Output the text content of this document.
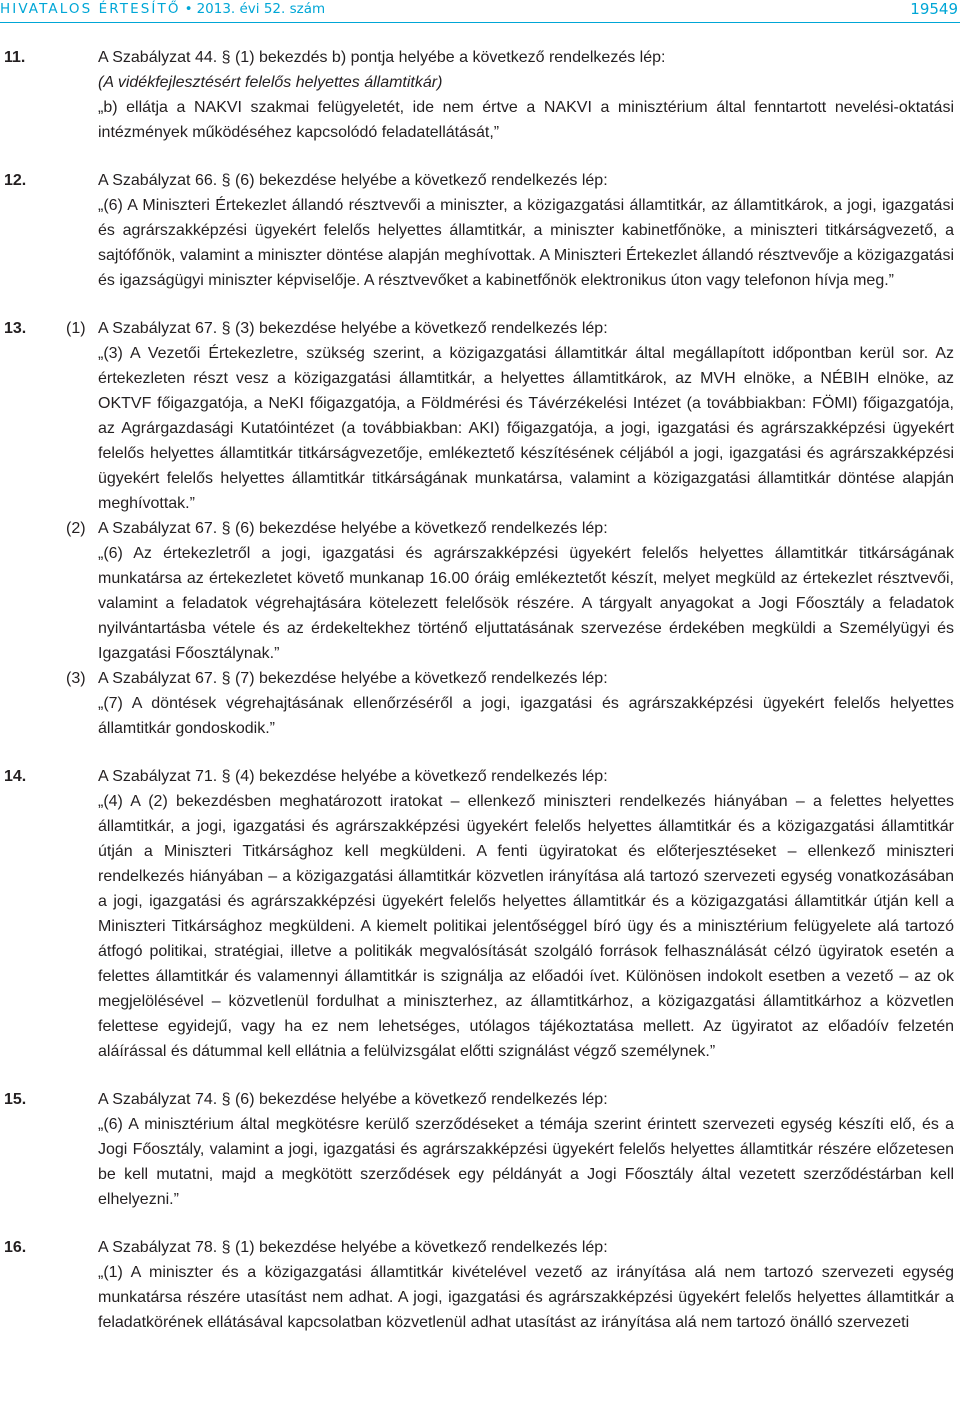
HIVATALOS ÉRTESÍTŐ • 2013. évi 52. szám	19549
11.	A Szabályzat 44. § (1) bekezdés b) pontja helyébe a következő rendelkezés lép:
(A vidékfejlesztésért felelős helyettes államtitkár)
„b) ellátja a NAKVI szakmai felügyeletét, ide nem értve a NAKVI a minisztérium által fenntartott nevelési-oktatási intézmények működéséhez kapcsolódó feladatellátását,”
12.	A Szabályzat 66. § (6) bekezdése helyébe a következő rendelkezés lép:
„(6) A Miniszteri Értekezlet állandó résztvevői a miniszter, a közigazgatási államtitkár, az államtitkárok, a jogi, igazgatási és agrárszakképzési ügyekért felelős helyettes államtitkár, a miniszter kabinetfőnöke, a miniszteri titkárságvezető, a sajtófőnök, valamint a miniszter döntése alapján meghívottak. A Miniszteri Értekezlet állandó résztvevője a közigazgatási és igazságügyi miniszter képviselője. A résztvevőket a kabinetfőnök elektronikus úton vagy telefonon hívja meg.”
13. (1) A Szabályzat 67. § (3) bekezdése helyébe a következő rendelkezés lép:
„(3) A Vezetői Értekezletre, szükség szerint, a közigazgatási államtitkár által megállapított időpontban kerül sor. Az értekezleten részt vesz a közigazgatási államtitkár, a helyettes államtitkárok, az MVH elnöke, a NÉBIH elnöke, az OKTVF főigazgatója, a NeKI főigazgatója, a Földmérési és Távérzékelési Intézet (a továbbiakban: FÖMI) főigazgatója, az Agrárgazdasági Kutatóintézet (a továbbiakban: AKI) főigazgatója, a jogi, igazgatási és agrárszakképzési ügyekért felelős helyettes államtitkár titkárságvezetője, emlékeztető készítésének céljából a jogi, igazgatási és agrárszakképzési ügyekért felelős helyettes államtitkár titkárságának munkatársa, valamint a közigazgatási államtitkár döntése alapján meghívottak.”
(2) A Szabályzat 67. § (6) bekezdése helyébe a következő rendelkezés lép:
„(6) Az értekezletről a jogi, igazgatási és agrárszakképzési ügyekért felelős helyettes államtitkár titkárságának munkatársa az értekezletet követő munkanap 16.00 óráig emlékeztetőt készít, melyet megküld az értekezlet résztvevői, valamint a feladatok végrehajtására kötelezett felelősök részére. A tárgyalt anyagokat a Jogi Főosztály a feladatok nyilvántartásba vétele és az érdekeltekhez történő eljuttatásának szervezése érdekében megküldi a Személyügyi és Igazgatási Főosztálynak.”
(3) A Szabályzat 67. § (7) bekezdése helyébe a következő rendelkezés lép:
„(7) A döntések végrehajtásának ellenőrzéséről a jogi, igazgatási és agrárszakképzési ügyekért felelős helyettes államtitkár gondoskodik.”
14.	A Szabályzat 71. § (4) bekezdése helyébe a következő rendelkezés lép:
„(4) A (2) bekezdésben meghatározott iratokat – ellenkező miniszteri rendelkezés hiányában – a felettes helyettes államtitkár, a jogi, igazgatási és agrárszakképzési ügyekért felelős helyettes államtitkár és a közigazgatási államtitkár útján a Miniszteri Titkársághoz kell megküldeni. A fenti ügyiratokat és előterjesztéseket – ellenkező miniszteri rendelkezés hiányában – a közigazgatási államtitkár közvetlen irányítása alá tartozó szervezeti egység vonatkozásában a jogi, igazgatási és agrárszakképzési ügyekért felelős helyettes államtitkár és a közigazgatási államtitkár útján kell a Miniszteri Titkársághoz megküldeni. A kiemelt politikai jelentőséggel bíró ügy és a minisztérium felügyelete alá tartozó átfogó politikai, stratégiai, illetve a politikák megvalósítását szolgáló források felhasználását célzó ügyiratok esetén a felettes államtitkár és valamennyi államtitkár is szignálja az előadói ívet. Különösen indokolt esetben a vezető – az ok megjelölésével – közvetlenül fordulhat a miniszterhez, az államtitkárhoz, a közigazgatási államtitkárhoz a közvetlen felettese egyidejű, vagy ha ez nem lehetséges, utólagos tájékoztatása mellett. Az ügyiratot az előadóív felzetén aláírással és dátummal kell ellátnia a felülvizsgálat előtti szignálást végző személynek.”
15.	A Szabályzat 74. § (6) bekezdése helyébe a következő rendelkezés lép:
„(6) A minisztérium által megkötésre kerülő szerződéseket a témája szerint érintett szervezeti egység készíti elő, és a Jogi Főosztály, valamint a jogi, igazgatási és agrárszakképzési ügyekért felelős helyettes államtitkár részére előzetesen be kell mutatni, majd a megkötött szerződések egy példányát a Jogi Főosztály által vezetett szerződéstárban kell elhelyezni.”
16.	A Szabályzat 78. § (1) bekezdése helyébe a következő rendelkezés lép:
„(1) A miniszter és a közigazgatási államtitkár kivételével vezető az irányítása alá nem tartozó szervezeti egység munkatársa részére utasítást nem adhat. A jogi, igazgatási és agrárszakképzési ügyekért felelős helyettes államtitkár a feladatkörének ellátásával kapcsolatban közvetlenül adhat utasítást az irányítása alá nem tartozó önálló szervezeti
